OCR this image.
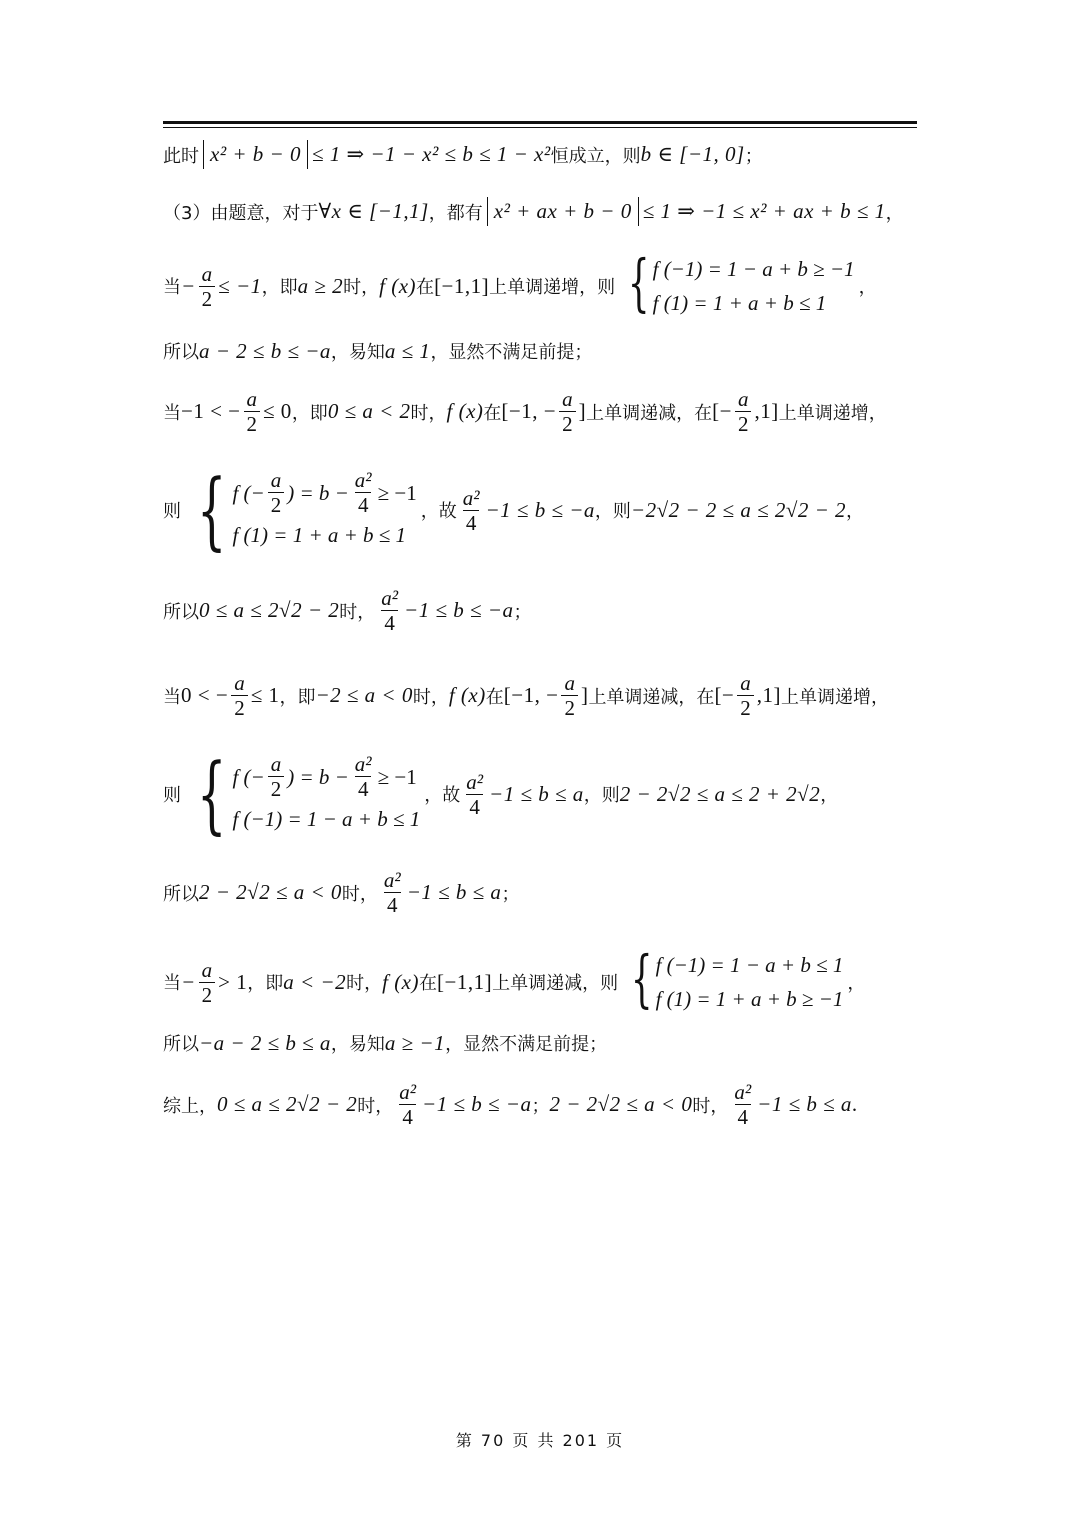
此时 x² + b − 0 ≤ 1 ⇒ −1 − x² ≤ b ≤ 1 − x² 恒成立，则 b ∈ [−1, 0] ；
（3）由题意，对于 ∀x ∈ [−1,1] ，都有 x² + ax + b − 0 ≤ 1 ⇒ −1 ≤ x² + ax + b ≤ 1 ，
当 − $\frac{a}{2} \le -1$ ，即 a ≥ 2 时， f (x) 在 [−1,1] 上单调递增，则 { f (−1) = 1 − a + b ≥ −1
f (1) = 1 + a + b ≤ 1
，
所以 a − 2 ≤ b ≤ −a ，易知 a ≤ 1 ，显然不满足前提；
当 −1 < − $\frac{a}{2} \le 0$ ，即 0 ≤ a < 2 时， f (x) 在 [−1, − $\frac{a}{2}$ ] 上单调递减，在 [− $\frac{a}{2} ,1$] 上单调递增，
则 { f (− $\frac{a}{2}$ ) = $b - \frac{\text{a²}}{4} \ge -1$
f (1) = 1 + a + b ≤ 1
，故 $\frac{\text{a²}}{4} -1 \le b \le -a$ ，则 −2√2 − 2 ≤ a ≤ 2√2 − 2 ，
所以 0 ≤ a ≤ 2√2 − 2 时， $\frac{\text{a²}}{4} -1 \le b \le -a$ ；
当 0 < − $\frac{a}{2} \le 1$ ，即 −2 ≤ a < 0 时， f (x) 在 [−1, − $\frac{a}{2}$ ] 上单调递减，在 [− $\frac{a}{2} ,1$] 上单调递增，
则 { f (− $\frac{a}{2}$ ) = $b - \frac{\text{a²}}{4} \ge -1$
f (−1) = 1 − a + b ≤ 1
，故 $\frac{\text{a²}}{4} -1 \le b \le a$ ，则 2 − 2√2 ≤ a ≤ 2 + 2√2 ，
所以 2 − 2√2 ≤ a < 0 时， $\frac{\text{a²}}{4} -1 \le b \le a$ ；
当 − $\frac{a}{2} > 1$ ，即 a < −2 时， f (x) 在 [−1,1] 上单调递减，则 { f (−1) = 1 − a + b ≤ 1
f (1) = 1 + a + b ≥ −1
，
所以 −a − 2 ≤ b ≤ a ，易知 a ≥ −1 ，显然不满足前提；
综上， 0 ≤ a ≤ 2√2 − 2 时， $\frac{\text{a²}}{4} -1 \le b \le -a$ ； 2 − 2√2 ≤ a < 0 时， $\frac{\text{a²}}{4} -1 \le b \le a$ .
第 70 页 共 201 页
